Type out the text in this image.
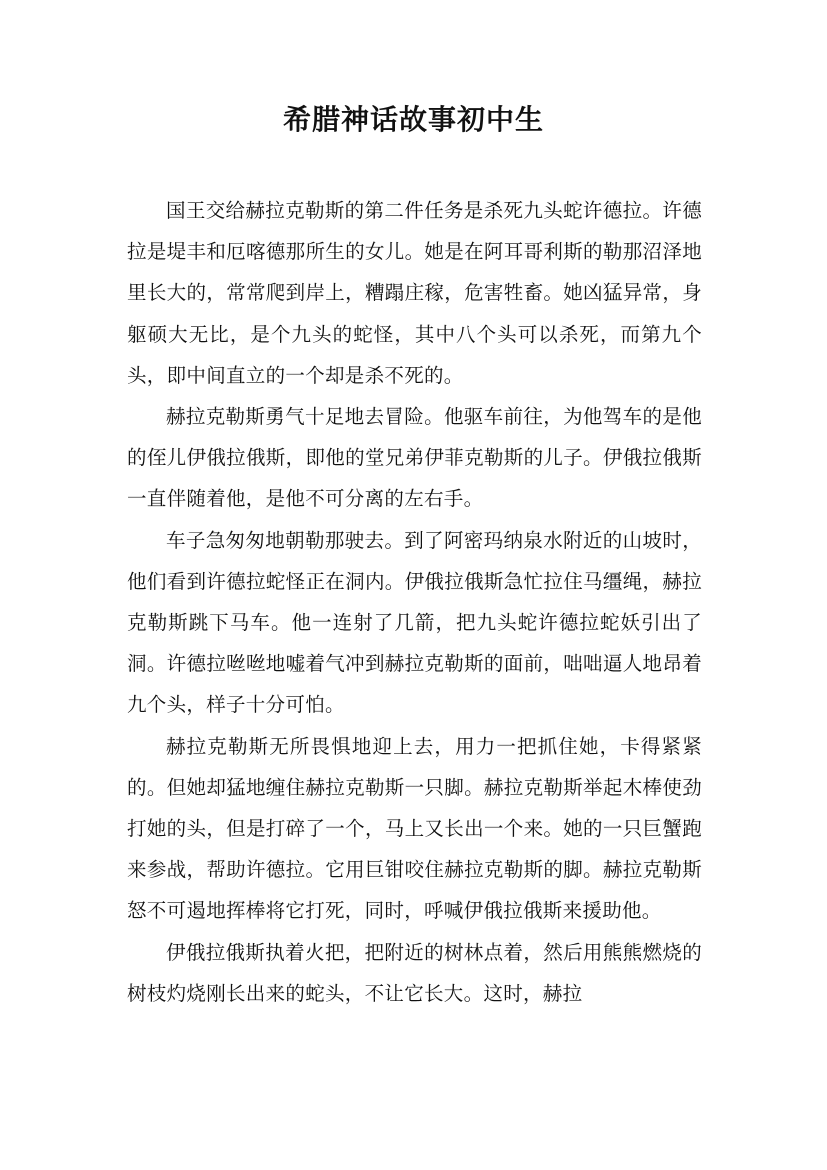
希腊神话故事初中生

国王交给赫拉克勒斯的第二件任务是杀死九头蛇许德拉。许德拉是堤丰和厄喀德那所生的女儿。她是在阿耳哥利斯的勒那沼泽地里长大的，常常爬到岸上，糟蹋庄稼，危害牲畜。她凶猛异常，身躯硕大无比，是个九头的蛇怪，其中八个头可以杀死，而第九个头，即中间直立的一个却是杀不死的。

赫拉克勒斯勇气十足地去冒险。他驱车前往，为他驾车的是他的侄儿伊俄拉俄斯，即他的堂兄弟伊菲克勒斯的儿子。伊俄拉俄斯一直伴随着他，是他不可分离的左右手。

车子急匆匆地朝勒那驶去。到了阿密玛纳泉水附近的山坡时，他们看到许德拉蛇怪正在洞内。伊俄拉俄斯急忙拉住马缰绳，赫拉克勒斯跳下马车。他一连射了几箭，把九头蛇许德拉蛇妖引出了洞。许德拉咝咝地嘘着气冲到赫拉克勒斯的面前，咄咄逼人地昂着九个头，样子十分可怕。

赫拉克勒斯无所畏惧地迎上去，用力一把抓住她，卡得紧紧的。但她却猛地缠住赫拉克勒斯一只脚。赫拉克勒斯举起木棒使劲打她的头，但是打碎了一个，马上又长出一个来。她的一只巨蟹跑来参战，帮助许德拉。它用巨钳咬住赫拉克勒斯的脚。赫拉克勒斯怒不可遏地挥棒将它打死，同时，呼喊伊俄拉俄斯来援助他。

伊俄拉俄斯执着火把，把附近的树林点着，然后用熊熊燃烧的树枝灼烧刚长出来的蛇头，不让它长大。这时，赫拉
